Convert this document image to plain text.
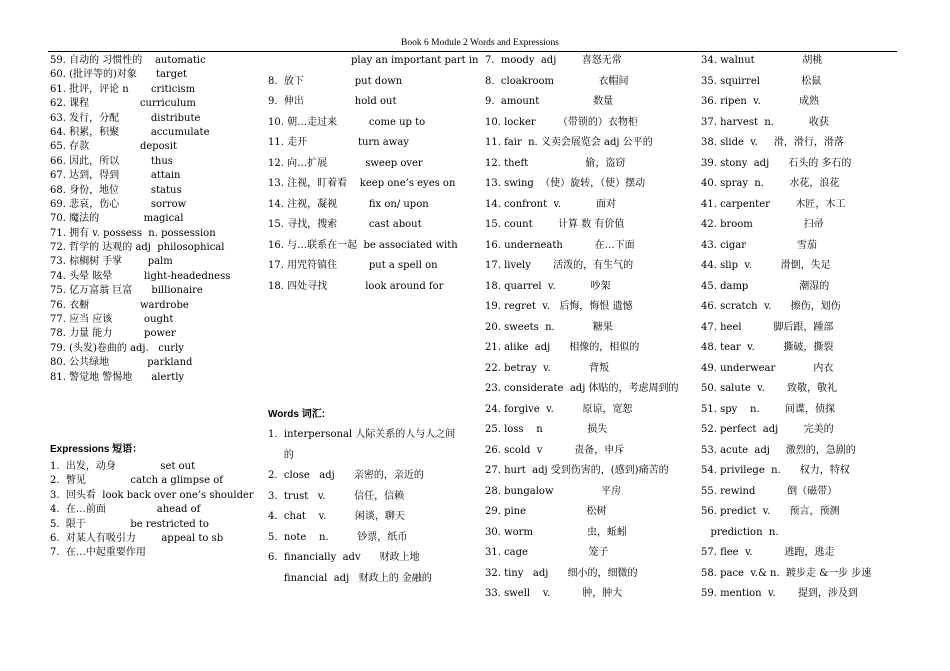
Book 6 Module 2 Words and Expressions
59. 自动的 习惯性的    automatic
60. (批评等的)对象      target
61. 批评，评论 n       criticism
62. 课程                curriculum
63. 发行，分配          distribute
64. 积累，积聚          accumulate
65. 存款                deposit
66. 因此，所以          thus
67. 达到，得到          attain
68. 身份，地位          status
69. 悲哀，伤心          sorrow
70. 魔法的              magical
71. 拥有 v. possess  n. possession
72. 哲学的 达观的 adj  philosophical
73. 棕榈树 手掌        palm
74. 头晕 眩晕          light-headedness
75. 亿万富翁 巨富      billionaire
76. 衣橱                wardrobe
77. 应当 应该          ought
78. 力量 能力          power
79. (头发)卷曲的 adj.   curly
80. 公共绿地            parkland
81. 警觉地 警惕地      alertly
Expressions 短语：
1.  出发，动身              set out
2.  瞥见              catch a glimpse of
3.  回头看  look back over one’s shoulder
4.  在…前面                ahead of
5.  限于              be restricted to
6.  对某人有吸引力        appeal to sb
7.  在…中起重要作用
play an important part in
8.  放下                put down
9.  伸出                hold out
10. 朝…走过来          come up to
11. 走开                turn away
12. 向…扩展            sweep over
13. 注视，盯着看    keep one’s eyes on
14. 注视，凝视          fix on/ upon
15. 寻找，搜索          cast about
16. 与…联系在一起  be associated with
17. 用咒符镇住          put a spell on
18. 四处寻找            look around for
Words 词汇:
1.  interpersonal 人际关系的人与人之间
的
2.  close   adj      亲密的，亲近的
3.  trust   v.         信任，信赖
4.  chat    v.         闲谈，聊天
5.  note    n.         钞票，纸币
6.  financially  adv      财政上地
financial  adj   财政上的 金融的
7.  moody  adj        喜怒无常
8.  cloakroom              衣帽间
9.  amount                 数量
10. locker       （带锁的）衣物柜
11. fair  n. 义卖会展览会 adj 公平的
12. theft                  偷，盗窃
13. swing  （使）旋转，（使）摆动
14. confront  v.           面对
15. count        计算 数 有价值
16. underneath          在…下面
17. lively       活泼的，有生气的
18. quarrel  v.           吵架
19. regret  v.   后悔，悔恨 遗憾
20. sweets  n.            糖果
21. alike  adj      相像的，相似的
22. betray  v.            背叛
23. considerate  adj 体贴的，考虑周到的
24. forgive  v.         原谅，宽恕
25. loss    n              损失
26. scold  v          责备，申斥
27. hurt  adj 受到伤害的，(感到)痛苦的
28. bungalow               平房
29. pine                   松树
30. worm                 虫，蚯蚓
31. cage                   笼子
32. tiny   adj      细小的，细微的
33. swell    v.          肿，肿大
34. walnut               胡桃
35. squirrel             松鼠
36. ripen  v.            成熟
37. harvest  n.           收获
38. slide  v.     滑，滑行，滑落
39. stony  adj      石头的 多石的
40. spray  n.        水花，浪花
41. carpenter        木匠，木工
42. broom                扫帚
43. cigar                雪茄
44. slip  v.         滑倒，失足
45. damp                潮湿的
46. scratch  v.      擦伤，划伤
47. heel          脚后跟，踵部
48. tear  v.         撕破，撕裂
49. underwear            内衣
50. salute  v.       致敬，敬礼
51. spy    n.        间谍，侦探
52. perfect  adj        完美的
53. acute  adj     激烈的，急剧的
54. privilege  n.      权力，特权
55. rewind          倒（磁带）
56. predict  v.      预言，预测
prediction  n.
57. flee  v.          逃跑，逃走
58. pace  v.& n.  踱步走 &一步 步速
59. mention  v.       提到，涉及到
